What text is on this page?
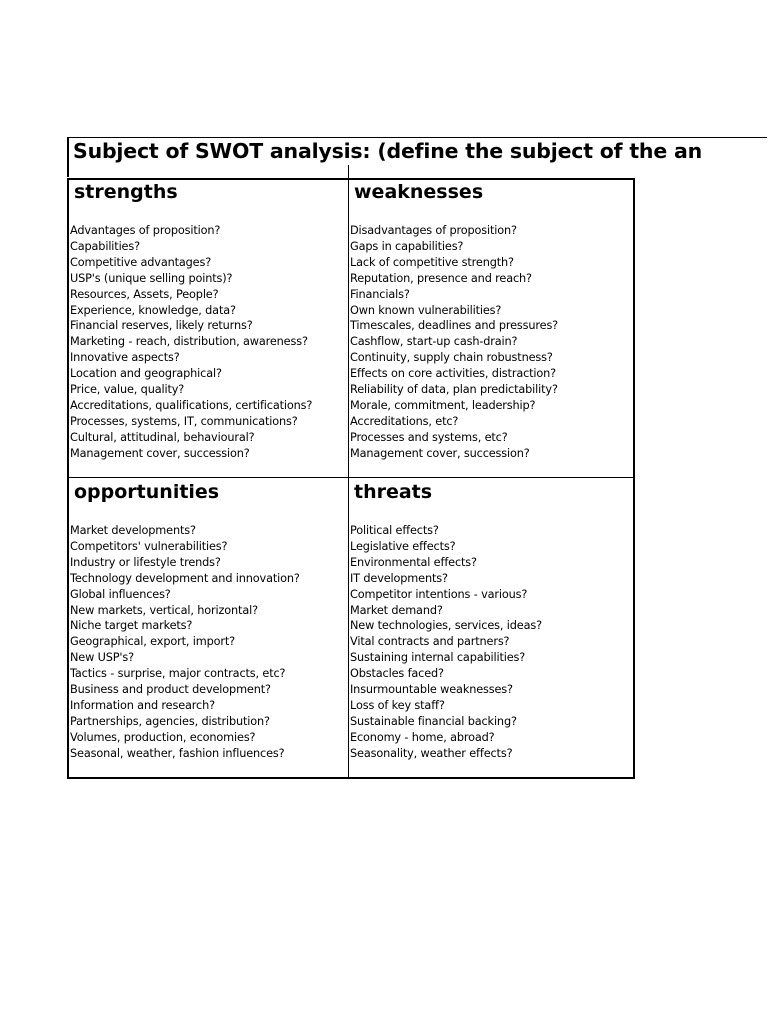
Subject of SWOT analysis: (define the subject of the an
strengths
Advantages of proposition?
Capabilities?
Competitive advantages?
USP's (unique selling points)?
Resources, Assets, People?
Experience, knowledge, data?
Financial reserves, likely returns?
Marketing - reach, distribution, awareness?
Innovative aspects?
Location and geographical?
Price, value, quality?
Accreditations, qualifications, certifications?
Processes, systems, IT, communications?
Cultural, attitudinal, behavioural?
Management cover, succession?
weaknesses
Disadvantages of proposition?
Gaps in capabilities?
Lack of competitive strength?
Reputation, presence and reach?
Financials?
Own known vulnerabilities?
Timescales, deadlines and pressures?
Cashflow, start-up cash-drain?
Continuity, supply chain robustness?
Effects on core activities, distraction?
Reliability of data, plan predictability?
Morale, commitment, leadership?
Accreditations, etc?
Processes and systems, etc?
Management cover, succession?
opportunities
Market developments?
Competitors' vulnerabilities?
Industry or lifestyle trends?
Technology development and innovation?
Global influences?
New markets, vertical, horizontal?
Niche target markets?
Geographical, export, import?
New USP's?
Tactics - surprise, major contracts, etc?
Business and product development?
Information and research?
Partnerships, agencies, distribution?
Volumes, production, economies?
Seasonal, weather, fashion influences?
threats
Political effects?
Legislative effects?
Environmental effects?
IT developments?
Competitor intentions - various?
Market demand?
New technologies, services, ideas?
Vital contracts and partners?
Sustaining internal capabilities?
Obstacles faced?
Insurmountable weaknesses?
Loss of key staff?
Sustainable financial backing?
Economy - home, abroad?
Seasonality, weather effects?
